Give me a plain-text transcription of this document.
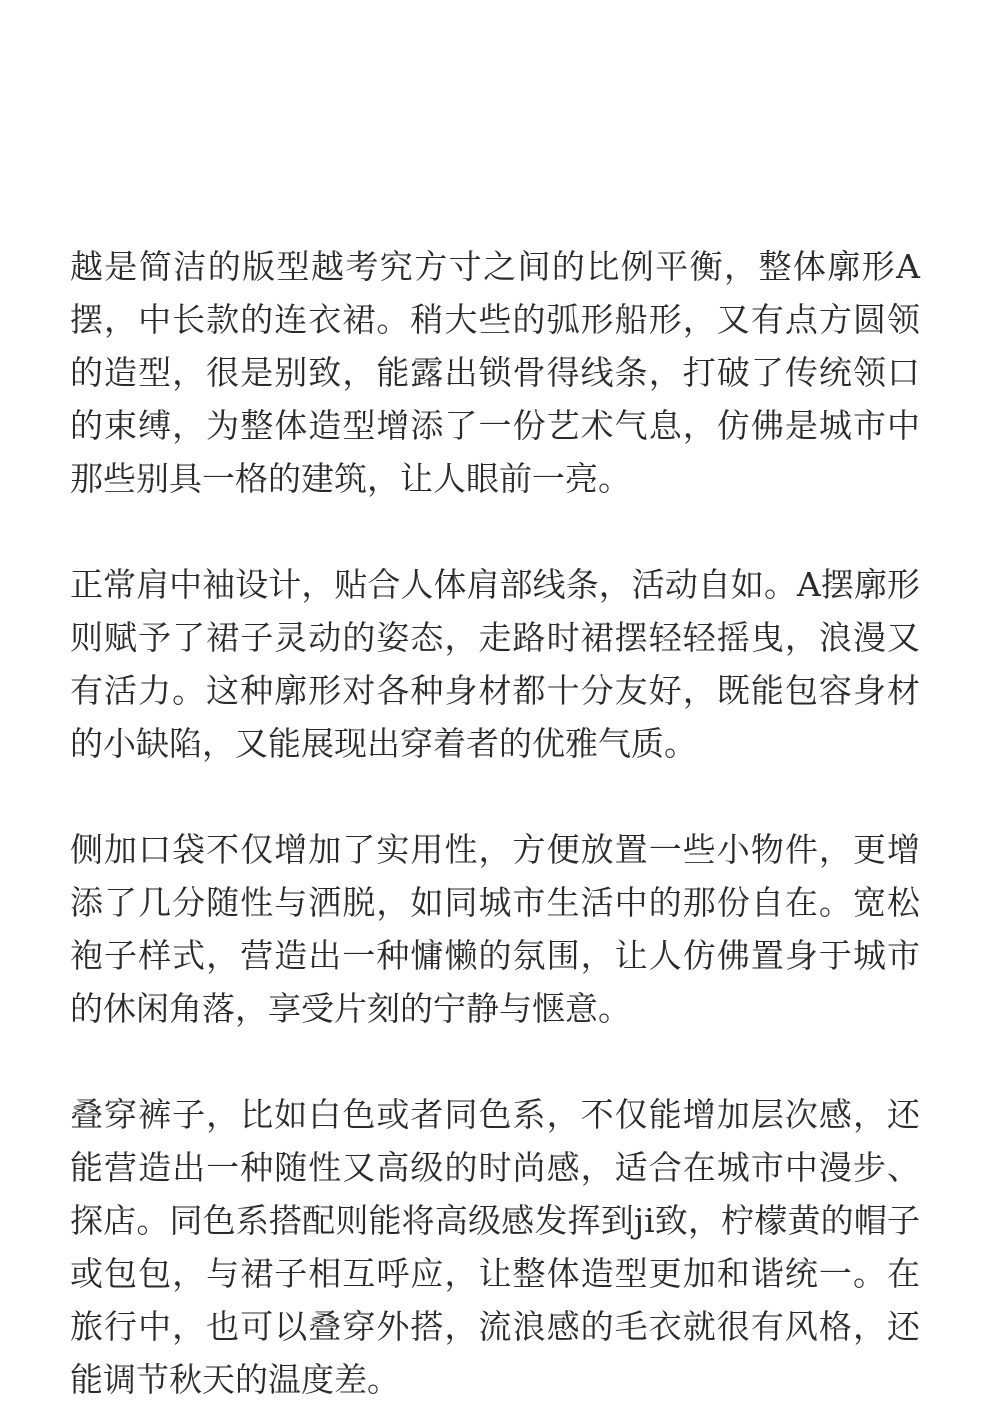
越是简洁的版型越考究方寸之间的比例平衡，整体廓形A摆，中长款的连衣裙。稍大些的弧形船形，又有点方圆领的造型，很是别致，能露出锁骨得线条，打破了传统领口的束缚，为整体造型增添了一份艺术气息，仿佛是城市中那些别具一格的建筑，让人眼前一亮。

正常肩中袖设计，贴合人体肩部线条，活动自如。A摆廓形则赋予了裙子灵动的姿态，走路时裙摆轻轻摇曳，浪漫又有活力。这种廓形对各种身材都十分友好，既能包容身材的小缺陷，又能展现出穿着者的优雅气质。

侧加口袋不仅增加了实用性，方便放置一些小物件，更增添了几分随性与洒脱，如同城市生活中的那份自在。宽松袍子样式，营造出一种慵懒的氛围，让人仿佛置身于城市的休闲角落，享受片刻的宁静与惬意。

叠穿裤子，比如白色或者同色系，不仅能增加层次感，还能营造出一种随性又高级的时尚感，适合在城市中漫步、探店。同色系搭配则能将高级感发挥到ji致，柠檬黄的帽子或包包，与裙子相互呼应，让整体造型更加和谐统一。在旅行中，也可以叠穿外搭，流浪感的毛衣就很有风格，还能调节秋天的温度差。
